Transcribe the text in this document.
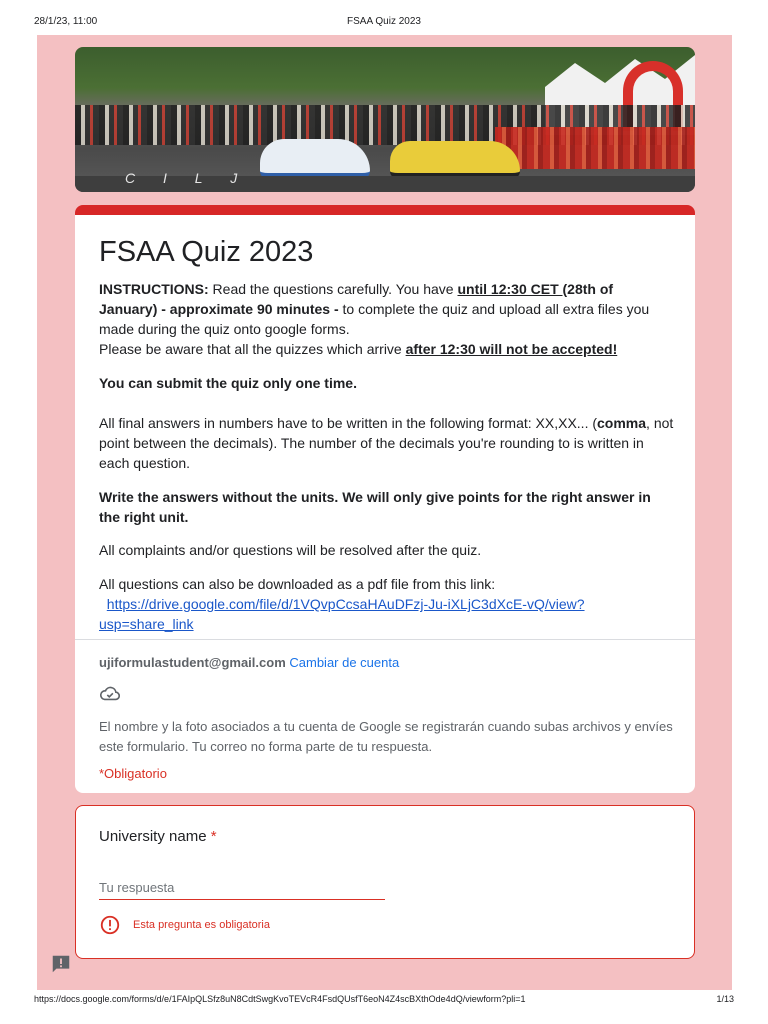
28/1/23, 11:00	FSAA Quiz 2023
C I L J
FSAA Quiz 2023
INSTRUCTIONS: Read the questions carefully. You have until 12:30 CET (28th of January) - approximate 90 minutes - to complete the quiz and upload all extra files you made during the quiz onto google forms.
Please be aware that all the quizzes which arrive after 12:30 will not be accepted!
You can submit the quiz only one time.
All final answers in numbers have to be written in the following format: XX,XX... (comma, not point between the decimals). The number of the decimals you're rounding to is written in each question.
Write the answers without the units. We will only give points for the right answer in the right unit.
All complaints and/or questions will be resolved after the quiz.
All questions can also be downloaded as a pdf file from this link:
https://drive.google.com/file/d/1VQvpCcsaHAuDFzj-Ju-iXLjC3dXcE-vQ/view?usp=share_link
ujiformulastudent@gmail.com Cambiar de cuenta
El nombre y la foto asociados a tu cuenta de Google se registrarán cuando subas archivos y envíes este formulario. Tu correo no forma parte de tu respuesta.
*Obligatorio
University name *
Tu respuesta
Esta pregunta es obligatoria
https://docs.google.com/forms/d/e/1FAIpQLSfz8uN8CdtSwgKvoTEVcR4FsdQUsfT6eoN4Z4scBXthOde4dQ/viewform?pli=1	1/13
